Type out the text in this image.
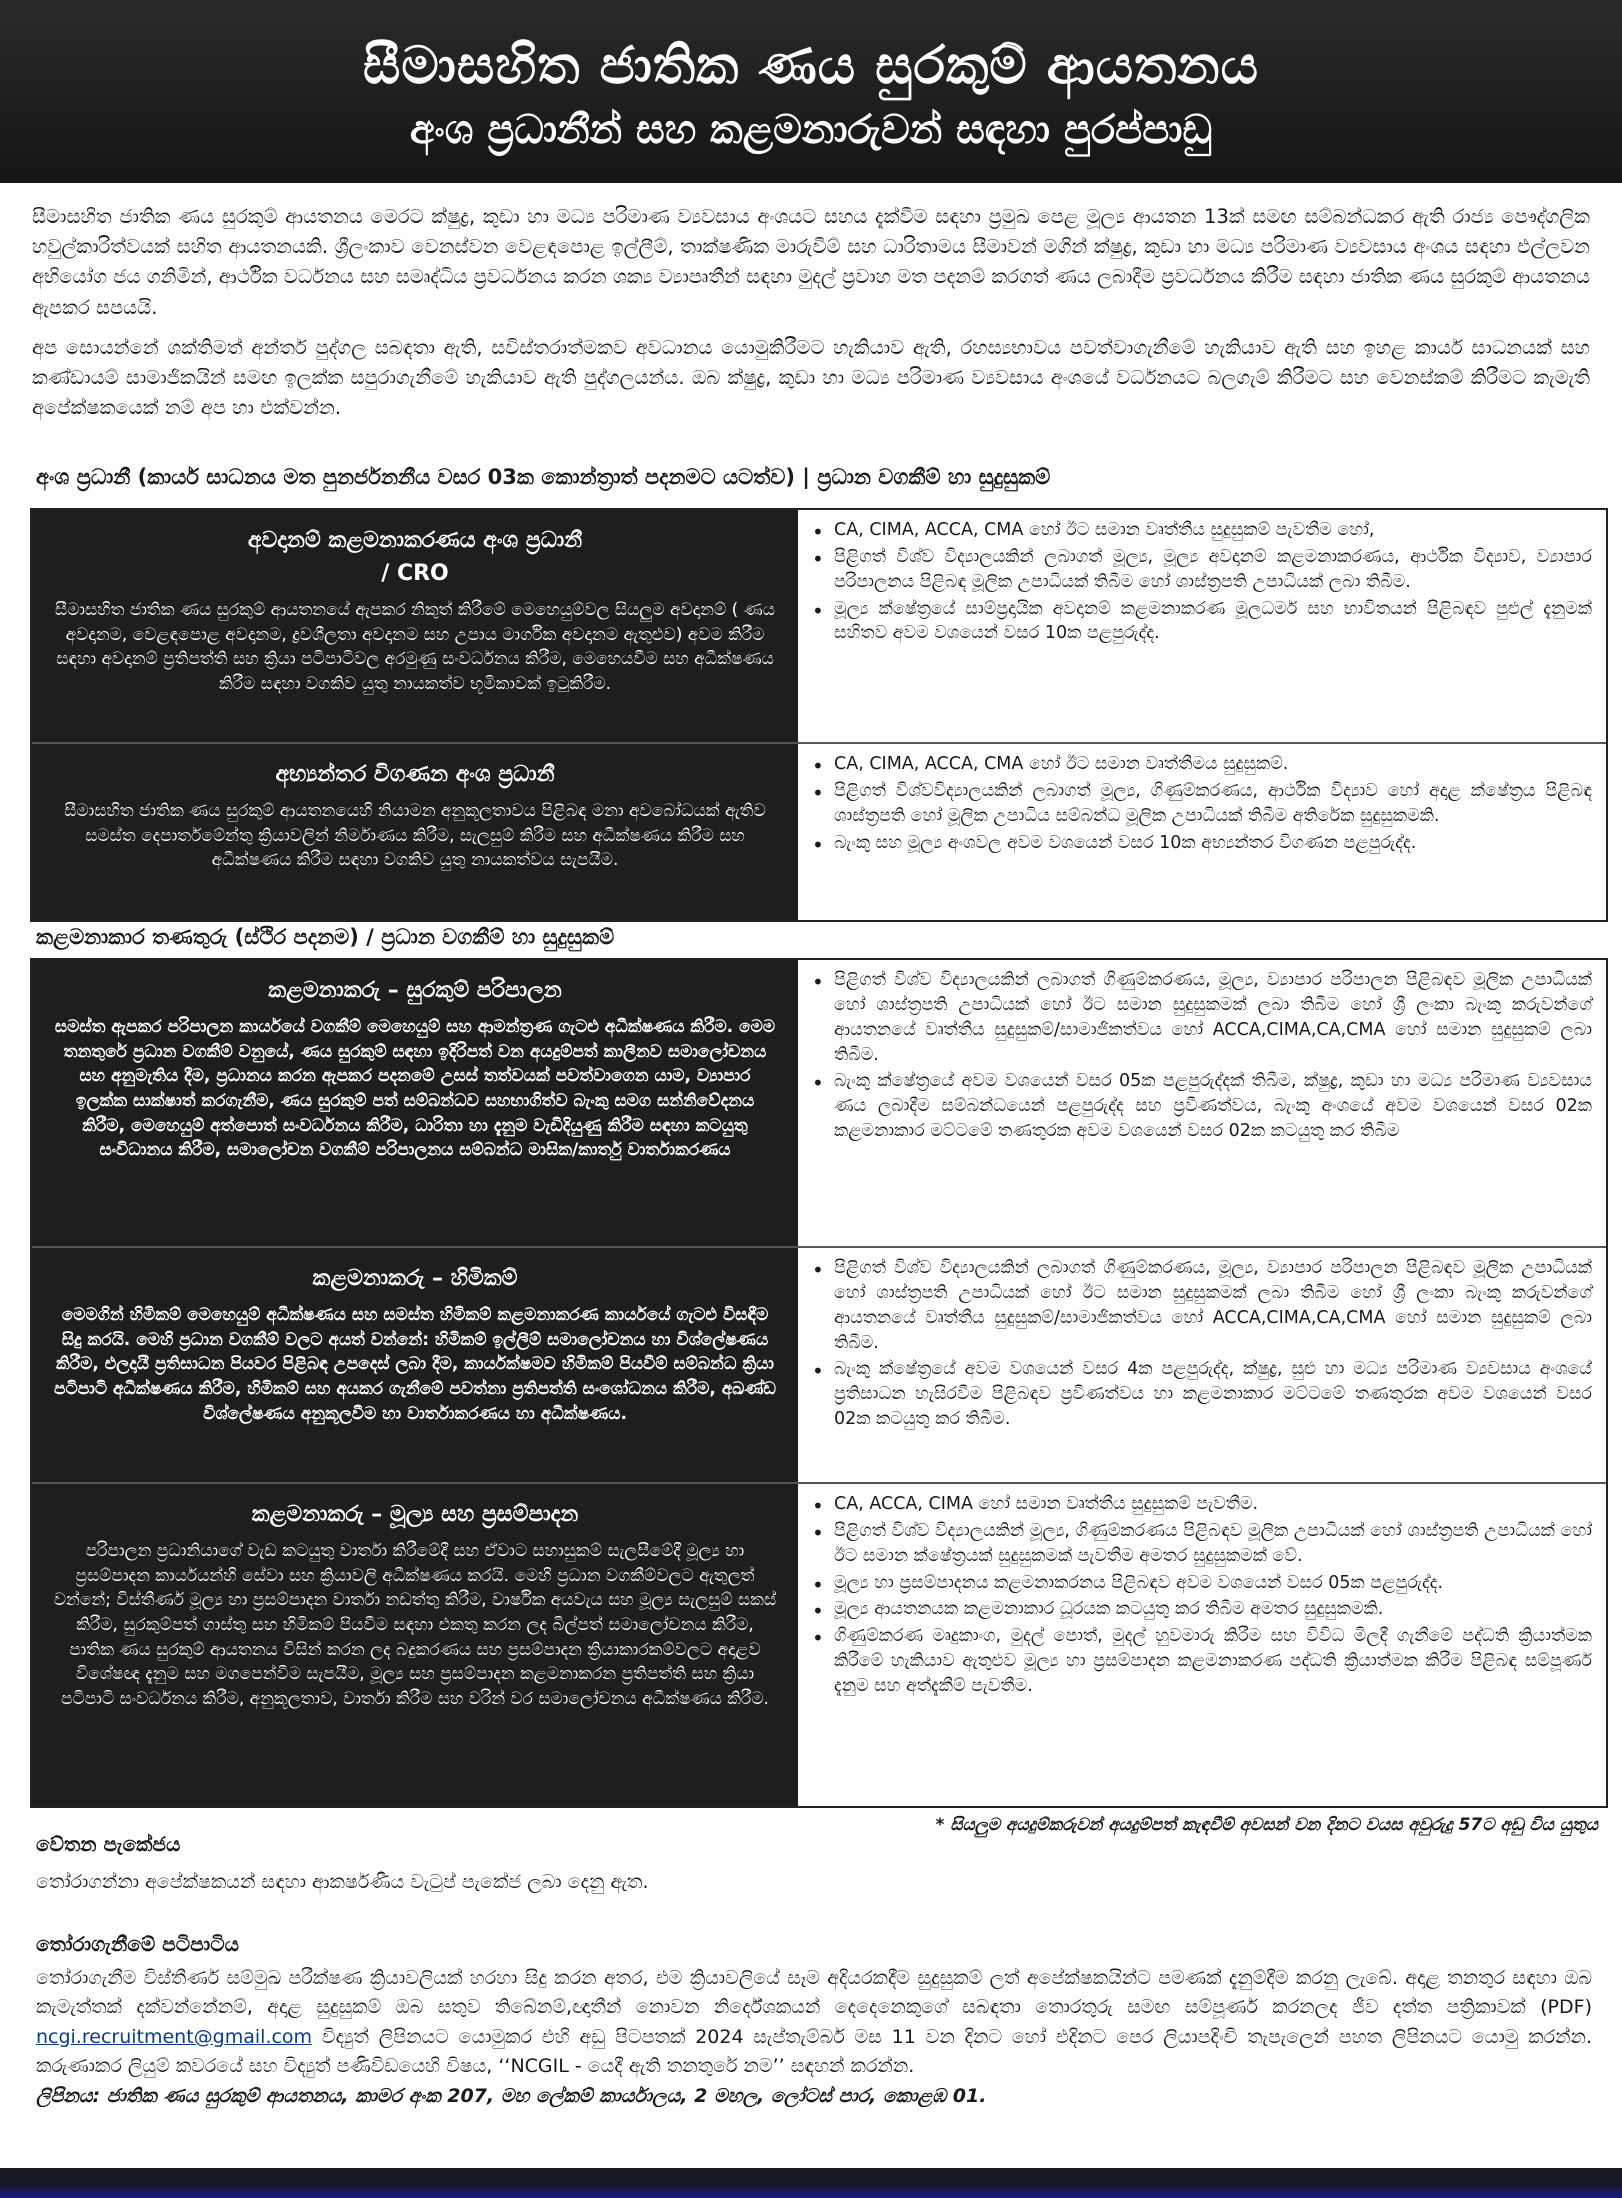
සීමාසහිත ජාතික ණය සුරකුම් ආයතනය
අංශ ප්‍රධානීන් සහ කළමනාරුවන් සඳහා පුරප්පාඩු

සීමාසහිත ජාතික ණය සුරකුම් ආයතනය මෙරට ක්ෂුද්‍ර, කුඩා හා මධ්‍ය පරිමාණ ව්‍යවසාය අංශයට සහය දැක්වීම සඳහා ප්‍රමුඛ පෙළ මූල්‍ය ආයතන 13ක් සමඟ සම්බන්ධකර ඇති රාජ්‍ය පෞද්ගලික හවුල්කාරිත්වයක් සහිත ආයතනයකි. ශ්‍රීලංකාව වෙනස්වන වෙළඳපොළ ඉල්ලීම්, තාක්ෂණික මාරුවීම් සහ ධාරිතාමය සීමාවන් මගින් ක්ෂුද්‍ර, කුඩා හා මධ්‍ය පරිමාණ ව්‍යවසාය අංශය සඳහා එල්ලවන අභියෝග ජය ගනිමින්, ආර්ථික වර්ධනය සහ සමෘද්ධිය ප්‍රවර්ධනය කරන ශක්‍ය ව්‍යාපෘතීන් සඳහා මුදල් ප්‍රවාහ මත පදනම් කරගත් ණය ලබාදීම ප්‍රවර්ධනය කිරීම සඳහා ජාතික ණය සුරකුම් ආයතනය ඇපකර සපයයි.

අප සොයන්නේ ශක්තිමත් අන්තර් පුද්ගල සබඳතා ඇති, සවිස්තරාත්මකව අවධානය යොමුකිරීමට හැකියාව ඇති, රහස්‍යභාවය පවත්වාගැනීමේ හැකියාව ඇති සහ ඉහළ කාර්ය සාධනයක් සහ කණ්ඩායම් සාමාජිකයින් සමඟ ඉලක්ක සපුරාගැනීමේ හැකියාව ඇති පුද්ගලයන්ය. ඔබ ක්ෂුද්‍ර, කුඩා හා මධ්‍ය පරිමාණ ව්‍යවසාය අංශයේ වර්ධනයට බලගැම් කිරීමට සහ වෙනස්කම් කිරීමට කැමැති අපේක්ෂකයෙක් නම් අප හා එක්වන්න.

අංශ ප්‍රධානී (කාර්ය සාධනය මත පුනර්ජනනීය වසර 03ක කොන්ත්‍රාත් පදනමට යටත්ව) | ප්‍රධාන වගකීම් හා සුදුසුකම්
අවදානම් කළමනාකරණය අංශ ප්‍රධානී
/ CRO
සීමාසහිත ජාතික ණය සුරකුම් ආයතනයේ ඇපකර නිකුත් කිරීමේ මෙහෙයුම්වල සියලුම අවදානම් ( ණය අවදානම, වෙළඳපොළ අවදානම, ද්‍රවශීලතා අවදානම සහ උපාය මාර්ගික අවදානම ඇතුළුව) අවම කිරීම සඳහා අවදානම් ප්‍රතිපත්ති සහ ක්‍රියා පටිපාටිවල අරමුණු සංවර්ධනය කිරීම, මෙහෙයවීම සහ අධීක්ෂණය කිරීම සඳහා වගකිව යුතු නායකත්ව භූමිකාවක් ඉටුකිරීම.
• CA, CIMA, ACCA, CMA හෝ ඊට සමාන වෘත්තීය සුදුසුකම් පැවතීම හෝ,
• පිළිගත් විශ්ව විද්‍යාලයකින් ලබාගත් මූල්‍ය, මූල්‍ය අවදානම් කළමනාකරණය, ආර්ථික විද්‍යාව, ව්‍යාපාර පරිපාලනය පිළිබඳ මූලික උපාධියක් තිබීම හෝ ශාස්ත්‍රපති උපාධියක් ලබා තිබීම.
• මූල්‍ය ක්ෂේත්‍රයේ සාම්ප්‍රදායික අවදානම් කළමනාකරණ මූලධර්ම සහ භාවිතයන් පිළිබඳව පුළුල් දැනුමක් සහිතව අවම වශයෙන් වසර 10ක පළපුරුද්ද.
අභ්‍යන්තර විගණන අංශ ප්‍රධානී
සීමාසහිත ජාතික ණය සුරකුම් ආයතනයෙහි නියාමන අනුකූලතාවය පිළිබඳ මනා අවබෝධයක් ඇතිව සමස්ත දෙපාර්තමේන්තු ක්‍රියාවලින් නිර්මාණය කිරීම, සැලසුම් කිරීම සහ අධීක්ෂණය කිරීම සහ අධීක්ෂණය කිරීම සඳහා වගකිව යුතු නායකත්වය සැපයීම.
• CA, CIMA, ACCA, CMA හෝ ඊට සමාන වෘත්තීමය සුදුසුකම්.
• පිළිගත් විශ්වවිද්‍යාලයකින් ලබාගත් මූල්‍ය, ගිණුම්කරණය, ආර්ථික විද්‍යාව හෝ අදාළ ක්ෂේත්‍රය පිළිබඳ ශාස්ත්‍රපති හෝ මූලික උපාධිය සම්බන්ධ මූලික උපාධියක් තිබීම අතිරේක සුදුසුකමකි.
• බැංකු සහ මූල්‍ය අංශවල අවම වශයෙන් වසර 10ක අභ්‍යන්තර විගණන පළපුරුද්ද.
කළමනාකාර තණතුරු (ස්ථිර පදනම) / ප්‍රධාන වගකීම් හා සුදුසුකම්
කළමනාකරු – සුරකුම් පරිපාලන
සමස්ත ඇපකර පරිපාලන කාර්යයේ වගකීම් මෙහෙයුම් සහ ආමන්ත්‍රණ ගැටළු අධීක්ෂණය කිරීම. මෙම තනතුරේ ප්‍රධාන වගකීම් වනුයේ, ණය සුරකුම් සඳහා ඉදිරිපත් වන අයදුම්පත් කාලීනව සමාලෝචනය සහ අනුමැතිය දීම, ප්‍රධානය කරන ඇපකර පදනමේ උසස් තත්වයක් පවත්වාගෙන යාම, ව්‍යාපාර ඉලක්ක සාක්ෂාත් කරගැනීම, ණය සුරකුම් පත් සම්බන්ධව සහභාගිත්ව බැංකු සමග සන්නිවේදනය කිරීම, මෙහෙයුම් අත්පොත් සංවර්ධනය කිරීම, ධාරිතා හා දැනුම වැඩිදියුණු කිරීම සඳහා කටයුතු සංවිධානය කිරීම, සමාලෝචන වගකීම් පරිපාලනය සම්බන්ධ මාසික/කාර්තු වාර්තාකරණය
• පිළිගත් විශ්ව විද්‍යාලයකින් ලබාගත් ගිණුම්කරණය, මූල්‍ය, ව්‍යාපාර පරිපාලන පිළිබඳව මූලික උපාධියක් හෝ ශාස්ත්‍රපති උපාධියක් හෝ ඊට සමාන සුදුසුකමක් ලබා තිබීම හෝ ශ්‍රී ලංකා බැංකු කරුවන්ගේ ආයතනයේ වෘත්තීය සුදුසුකම්/සාමාජිකත්වය හෝ ACCA,CIMA,CA,CMA හෝ සමාන සුදුසුකම් ලබා තිබීම.
• බැංකු ක්ෂේත්‍රයේ අවම වශයෙන් වසර 05ක පළපුරුද්දක් තිබීම, ක්ෂුද්‍ර, කුඩා හා මධ්‍ය පරිමාණ ව්‍යවසාය ණය ලබාදීම සම්බන්ධයෙන් පළපුරුද්ද සහ ප්‍රවීණත්වය, බැංකු අංශයේ අවම වශයෙන් වසර 02ක කළමනාකාර මට්ටමේ තණතුරක අවම වශයෙන් වසර 02ක කටයුතු කර තිබීම
කළමනාකරු – හිමිකම්
මෙමගින් හිමිකම් මෙහෙයුම් අධීක්ෂණය සහ සමස්ත හිමිකම් කළමනාකරණ කාර්යයේ ගැටළු විසඳීම සිදු කරයි. මෙහි ප්‍රධාන වගකීම් වලට අයත් වන්නේ: හිමිකම් ඉල්ලීම් සමාලෝචනය හා විශ්ලේෂණය කිරීම, එලදායී ප්‍රතිසාධන පියවර පිළිබඳ උපදෙස් ලබා දීම, කාර්යක්ෂමව හිමිකම් පියවීම් සම්බන්ධ ක්‍රියා පටිපාටි අධීක්ෂණය කිරීම, හිමිකම් සහ අයකර ගැනීමේ පවත්නා ප්‍රතිපත්ති සංශෝධනය කිරීම, අඛණ්ඩ විශ්ලේෂණය අනුකූලවීම හා වාර්තාකරණය හා අධීක්ෂණය.
• පිළිගත් විශ්ව විද්‍යාලයකින් ලබාගත් ගිණුම්කරණය, මූල්‍ය, ව්‍යාපාර පරිපාලන පිළිබඳව මූලික උපාධියක් හෝ ශාස්ත්‍රපති උපාධියක් හෝ ඊට සමාන සුදුසුකමක් ලබා තිබීම හෝ ශ්‍රී ලංකා බැංකු කරුවන්ගේ ආයතනයේ වෘත්තීය සුදුසුකම්/සාමාජිකත්වය හෝ ACCA,CIMA,CA,CMA හෝ සමාන සුදුසුකම් ලබා තිබීම.
• බැංකු ක්ෂේත්‍රයේ අවම වශයෙන් වසර 4ක පළපුරුද්ද, ක්ෂුද්‍ර, සුළු හා මධ්‍ය පරිමාණ ව්‍යවසාය අංශයේ ප්‍රතිසාධන හැසිරවීම පිළිබඳව ප්‍රවීණත්වය හා කළමනාකාර මට්ටමේ තණතුරක අවම වශයෙන් වසර 02ක කටයුතු කර තිබීම.
කළමනාකරු – මූල්‍ය සහ ප්‍රසම්පාදන
පරිපාලන ප්‍රධානියාගේ වැඩ කටයුතු වාර්තා කිරීමේදී සහ ඒවාට සහාසුකම් සැලසීමේදී මූල්‍ය හා ප්‍රසම්පාදන කාර්යයන්හි සේවා සහ ක්‍රියාවලි අධීක්ෂණය කරයි. මෙහි ප්‍රධාන වගකීම්වලට ඇතුලත් වන්නේ; විස්තීර්ණ මූල්‍ය හා ප්‍රසම්පාදන වාර්තා නඩත්තු කිරීම, වාර්ෂික අයවැය සහ මූල්‍ය සැලසුම් සකස් කිරීම, සුරකුම්පත් ගාස්තු සහ හිමිකම් පියවීම සඳහා එකතු කරන ලද බිල්පත් සමාලෝචනය කිරීම, පාතික ණය සුරකුම් ආයතනය විසින් කරන ලද බදුකරණය සහ ප්‍රසම්පාදන ක්‍රියාකාරකම්වලට අදාළව විශේෂඥ දැනුම සහ මගපෙන්වීම සැපයීම, මූල්‍ය සහ ප්‍රසම්පාදන කළමනාකරන ප්‍රතිපත්ති සහ ක්‍රියා පටිපාටි සංවර්ධනය කිරීම, අනුකූලතාව, වාර්තා කිරීම සහ වරින් වර සමාලෝචනය අධීක්ෂණය කිරීම.
• CA, ACCA, CIMA හෝ සමාන වෘත්තීය සුදුසුකම් පැවතීම.
• පිළිගත් විශ්ව විද්‍යාලයකින් මූල්‍ය, ගිණුම්කරණය පිළිබඳව මූලික උපාධියක් හෝ ශාස්ත්‍රපති උපාධියක් හෝ ඊට සමාන ක්ෂේත්‍රයක් සුදුසුකමක් පැවතීම අමතර සුදුසුකමක් වේ.
• මූල්‍ය හා ප්‍රසම්පාදනය කළමනාකරනය පිළිබඳව අවම වශයෙන් වසර 05ක පළපුරුද්ද.
• මූල්‍ය ආයතනයක කළමනාකාර ධූරයක කටයුතු කර තිබීම අමතර සුදුසුකමකි.
• ගිණුම්කරණ මෘදුකාංග, මුදල් පොත්, මුදල් හුවමාරු කිරීම සහ විවිධ මිලදී ගැනීමේ පද්ධති ක්‍රියාත්මක කිරීමේ හැකියාව ඇතුළුව මූල්‍ය හා ප්‍රසම්පාදන කළමනාකරණ පද්ධති ක්‍රියාත්මක කිරීම පිළිබඳ සම්පූර්ණ දැනුම සහ අත්දැකීම් පැවතීම.
* සියලුම අයදුම්කරුවන් අයදුම්පත් කැඳවීම් අවසන් වන දිනට වයස අවුරුදු 57ට අඩු විය යුතුය
වේතන පැකේජය
තෝරාගන්නා අපේක්ෂකයන් සඳහා ආකර්ෂණීය වැටුප් පැකේජ ලබා දෙනු ඇත.
තෝරාගැනීමේ පටිපාටිය
තෝරාගැනීම විස්තීර්ණ සම්මුඛ පරීක්ෂණ ක්‍රියාවලියක් හරහා සිදු කරන අතර, එම ක්‍රියාවලියේ සෑම අදියරකදීම සුදුසුකම් ලත් අපේක්ෂකයින්ට පමණක් දැනුම්දීම කරනු ලැබේ. අදාළ තනතුර සඳහා ඔබ කැමැත්තක් දක්වන්නේනම්, අදාළ සුදුසුකම් ඔබ සතුව තිබේනම්,ඥාතීන් නොවන නිර්දේශකයන් දෙදෙනෙකුගේ සබඳතා තොරතුරු සමඟ සම්පූර්ණ කරනලද ජීව දත්ත පත්‍රිකාවක් (PDF) ncgi.recruitment@gmail.com විද්‍යුත් ලිපිනයට යොමුකර එහි අඩු පිටපතක් 2024 සැප්තැම්බර් මස 11 වන දිනට හෝ එදිනට පෙර ලියාපදිංචි තැපැලෙන් පහත ලිපිනයට යොමු කරන්න. කරුණාකර ලියුම් කවරයේ සහ විද්‍යුත් පණිවිඩයෙහි විෂය, ‘‘NCGIL - යෙදී ඇති තනතුරේ නම’’ සඳහන් කරන්න.
ලිපිනය: ජාතික ණය සුරකුම් ආයතනය, කාමර අංක 207, මහ ලේකම් කාර්යාලය, 2 මහල, ලෝටස් පාර, කොළඹ 01.
